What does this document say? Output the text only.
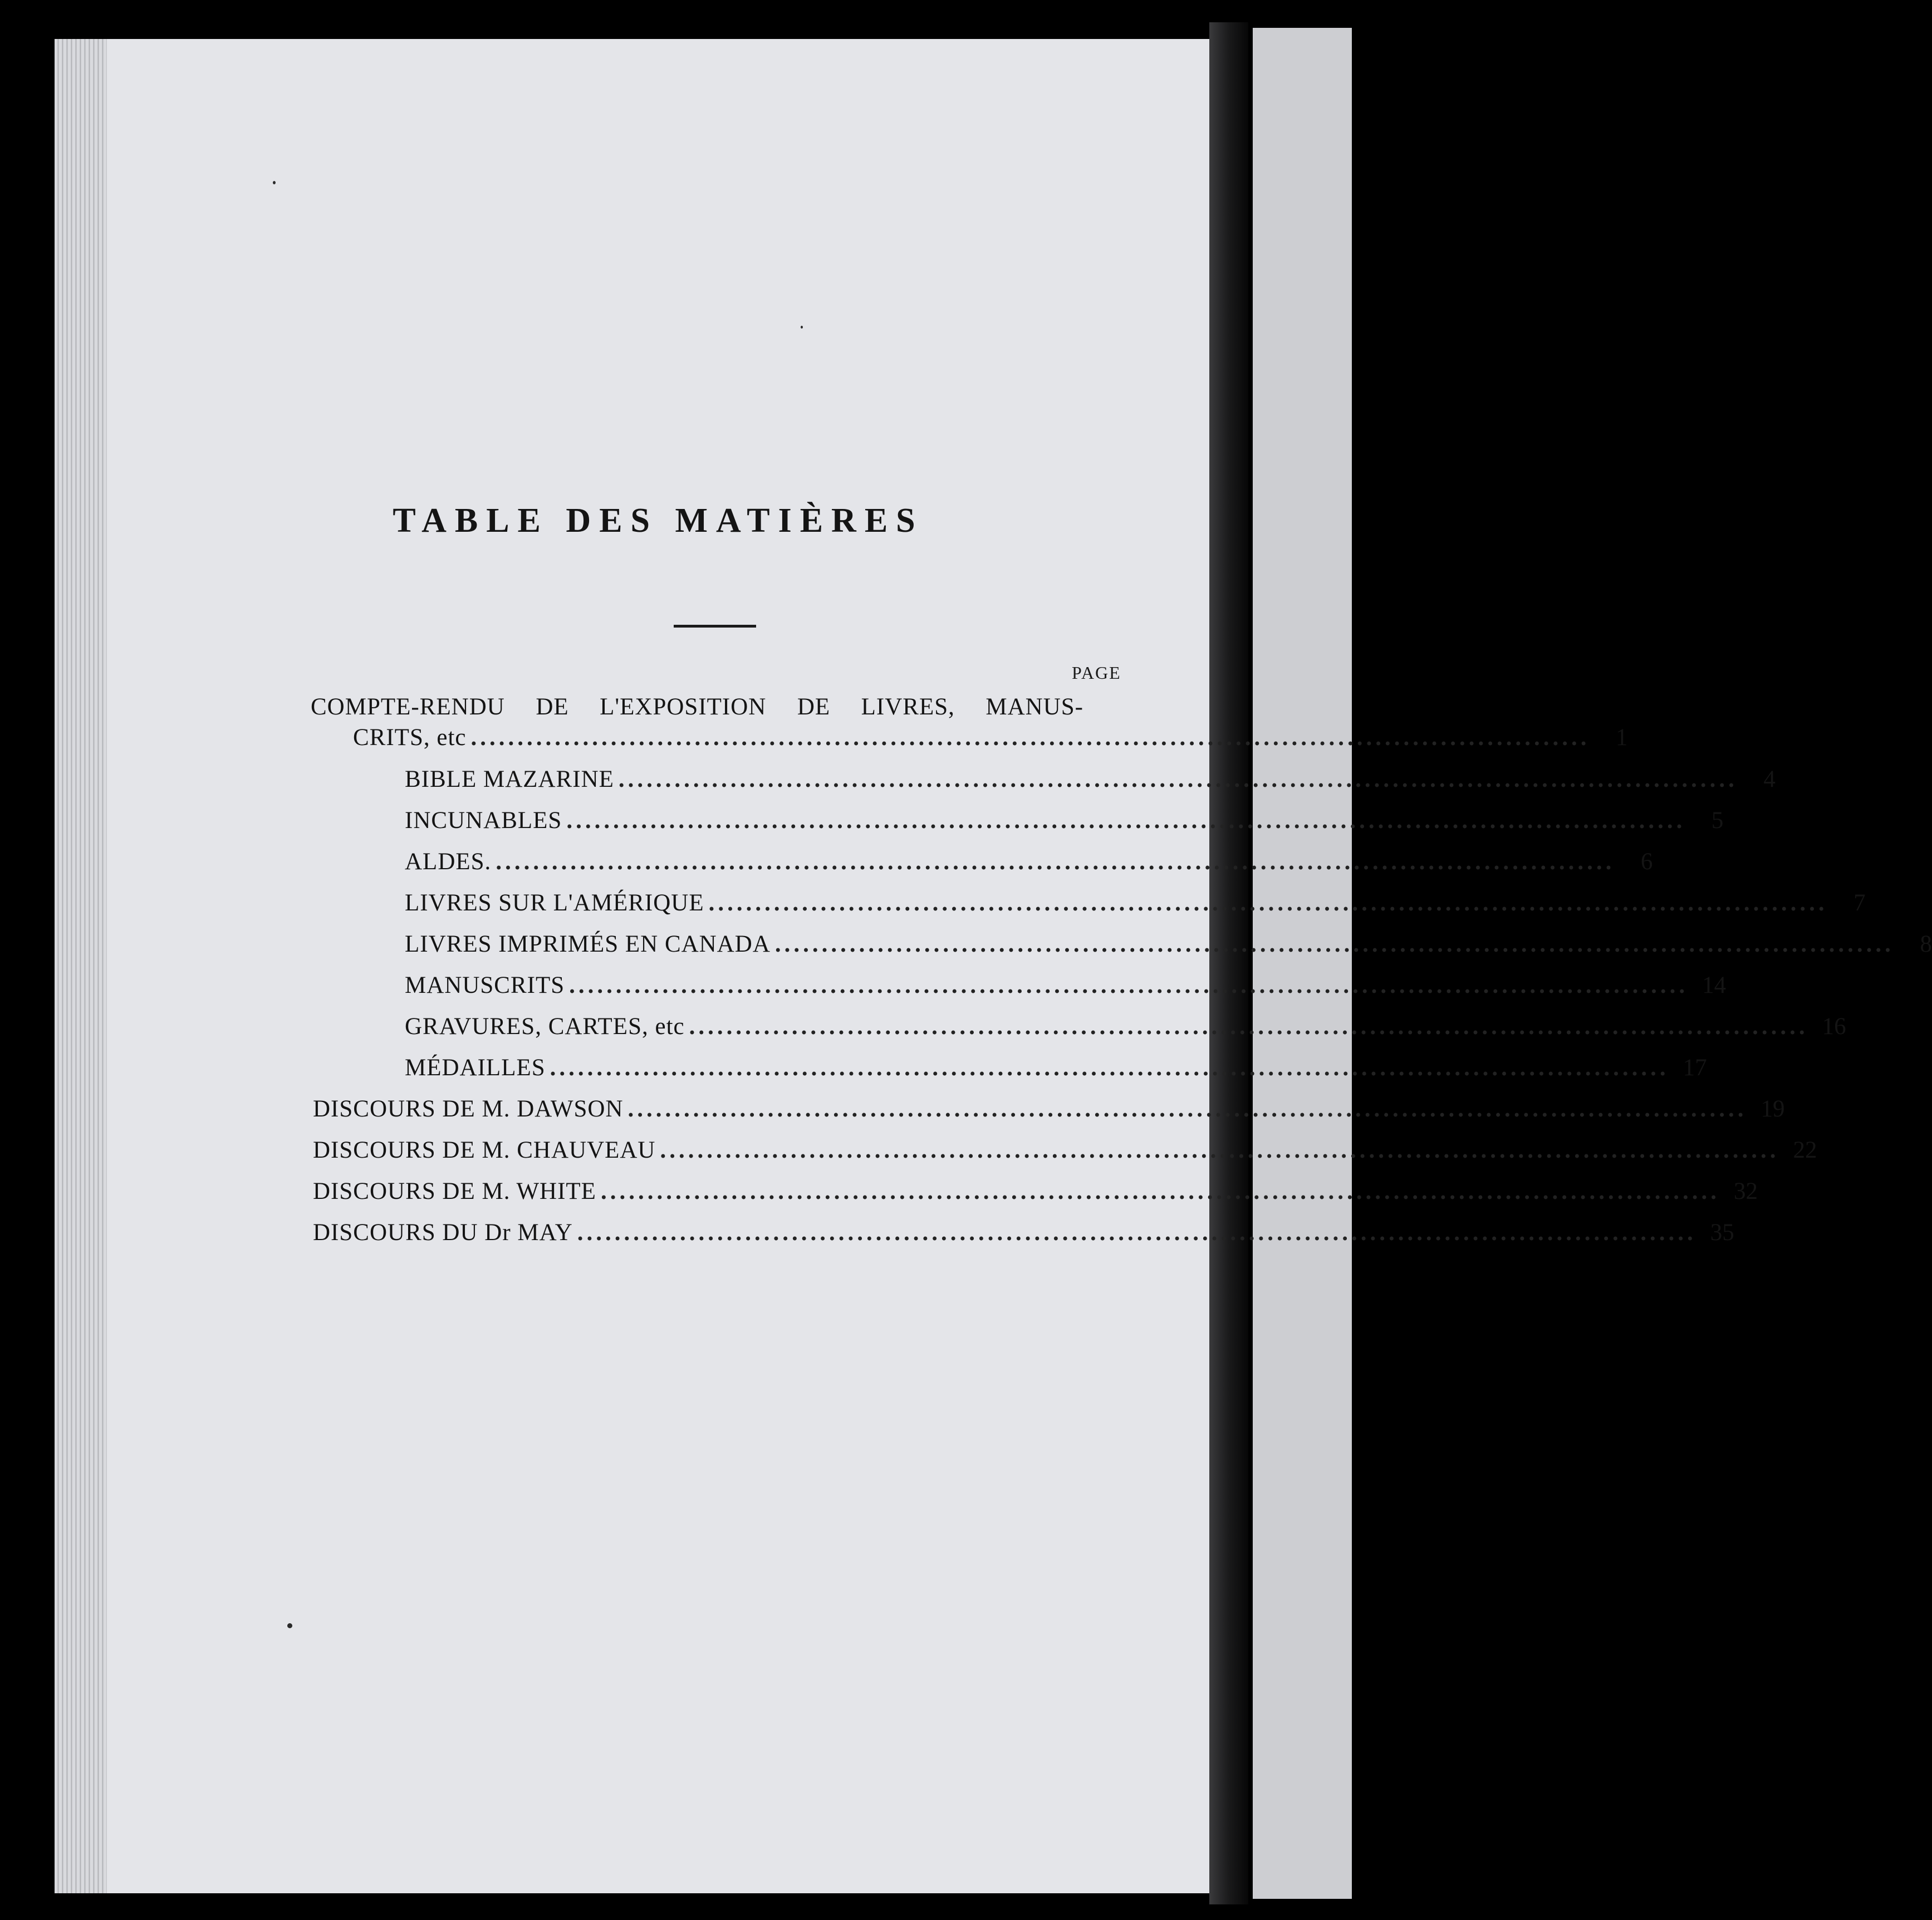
TABLE DES MATIÈRES
PAGE
COMPTE-RENDU DE L'EXPOSITION DE LIVRES, MANUS-
CRITS, etc ........................................................................................................................	1
BIBLE MAZARINE ........................................................................................................................	4
INCUNABLES ........................................................................................................................	5
ALDES. ........................................................................................................................	6
LIVRES SUR L'AMÉRIQUE ........................................................................................................................	7
LIVRES IMPRIMÉS EN CANADA ........................................................................................................................	8
MANUSCRITS ........................................................................................................................ 14
GRAVURES, CARTES, etc ........................................................................................................................ 16
MÉDAILLES ........................................................................................................................ 17
DISCOURS DE M. DAWSON ........................................................................................................................ 19
DISCOURS DE M. CHAUVEAU ........................................................................................................................ 22
DISCOURS DE M. WHITE ........................................................................................................................ 32
DISCOURS DU Dr MAY ........................................................................................................................ 35
